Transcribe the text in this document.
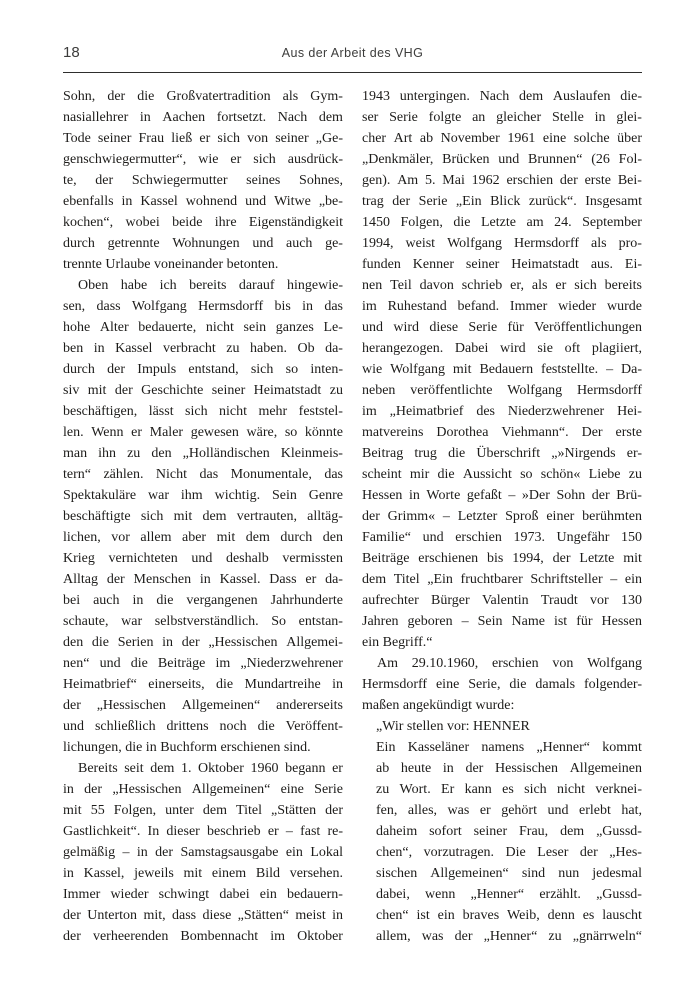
18	Aus der Arbeit des VHG
Sohn, der die Großvatertradition als Gym-
nasiallehrer in Aachen fortsetzt. Nach dem
Tode seiner Frau ließ er sich von seiner „Ge-
genschwiegermutter“, wie er sich ausdrück-
te, der Schwiegermutter seines Sohnes,
ebenfalls in Kassel wohnend und Witwe „be-
kochen“, wobei beide ihre Eigenständigkeit
durch getrennte Wohnungen und auch ge-
trennte Urlaube voneinander betonten.
Oben habe ich bereits darauf hingewie-
sen, dass Wolfgang Hermsdorff bis in das
hohe Alter bedauerte, nicht sein ganzes Le-
ben in Kassel verbracht zu haben. Ob da-
durch der Impuls entstand, sich so inten-
siv mit der Geschichte seiner Heimatstadt zu
beschäftigen, lässt sich nicht mehr feststel-
len. Wenn er Maler gewesen wäre, so könnte
man ihn zu den „Holländischen Kleinmeis-
tern“ zählen. Nicht das Monumentale, das
Spektakuläre war ihm wichtig. Sein Genre
beschäftigte sich mit dem vertrauten, alltäg-
lichen, vor allem aber mit dem durch den
Krieg vernichteten und deshalb vermissten
Alltag der Menschen in Kassel. Dass er da-
bei auch in die vergangenen Jahrhunderte
schaute, war selbstverständlich. So entstan-
den die Serien in der „Hessischen Allgemei-
nen“ und die Beiträge im „Niederzwehrener
Heimatbrief“ einerseits, die Mundartreihe in
der „Hessischen Allgemeinen“ andererseits
und schließlich drittens noch die Veröffent-
lichungen, die in Buchform erschienen sind.
Bereits seit dem 1. Oktober 1960 begann er
in der „Hessischen Allgemeinen“ eine Serie
mit 55 Folgen, unter dem Titel „Stätten der
Gastlichkeit“. In dieser beschrieb er – fast re-
gelmäßig – in der Samstagsausgabe ein Lokal
in Kassel, jeweils mit einem Bild versehen.
Immer wieder schwingt dabei ein bedauern-
der Unterton mit, dass diese „Stätten“ meist in
der verheerenden Bombennacht im Oktober
1943 untergingen. Nach dem Auslaufen die-
ser Serie folgte an gleicher Stelle in glei-
cher Art ab November 1961 eine solche über
„Denkmäler, Brücken und Brunnen“ (26 Fol-
gen). Am 5. Mai 1962 erschien der erste Bei-
trag der Serie „Ein Blick zurück“. Insgesamt
1450 Folgen, die Letzte am 24. September
1994, weist Wolfgang Hermsdorff als pro-
funden Kenner seiner Heimatstadt aus. Ei-
nen Teil davon schrieb er, als er sich bereits
im Ruhestand befand. Immer wieder wurde
und wird diese Serie für Veröffentlichungen
herangezogen. Dabei wird sie oft plagiiert,
wie Wolfgang mit Bedauern feststellte. – Da-
neben veröffentlichte Wolfgang Hermsdorff
im „Heimatbrief des Niederzwehrener Hei-
matvereins Dorothea Viehmann“. Der erste
Beitrag trug die Überschrift „»Nirgends er-
scheint mir die Aussicht so schön« Liebe zu
Hessen in Worte gefaßt – »Der Sohn der Brü-
der Grimm« – Letzter Sproß einer berühmten
Familie“ und erschien 1973. Ungefähr 150
Beiträge erschienen bis 1994, der Letzte mit
dem Titel „Ein fruchtbarer Schriftsteller – ein
aufrechter Bürger Valentin Traudt vor 130
Jahren geboren – Sein Name ist für Hessen
ein Begriff.“
Am 29.10.1960, erschien von Wolfgang
Hermsdorff eine Serie, die damals folgender-
maßen angekündigt wurde:
„Wir stellen vor: HENNER
Ein Kasseläner namens „Henner“ kommt
ab heute in der Hessischen Allgemeinen
zu Wort. Er kann es sich nicht verknei-
fen, alles, was er gehört und erlebt hat,
daheim sofort seiner Frau, dem „Gussd-
chen“, vorzutragen. Die Leser der „Hes-
sischen Allgemeinen“ sind nun jedesmal
dabei, wenn „Henner“ erzählt. „Gussd-
chen“ ist ein braves Weib, denn es lauscht
allem, was der „Henner“ zu „gnärrweln“
